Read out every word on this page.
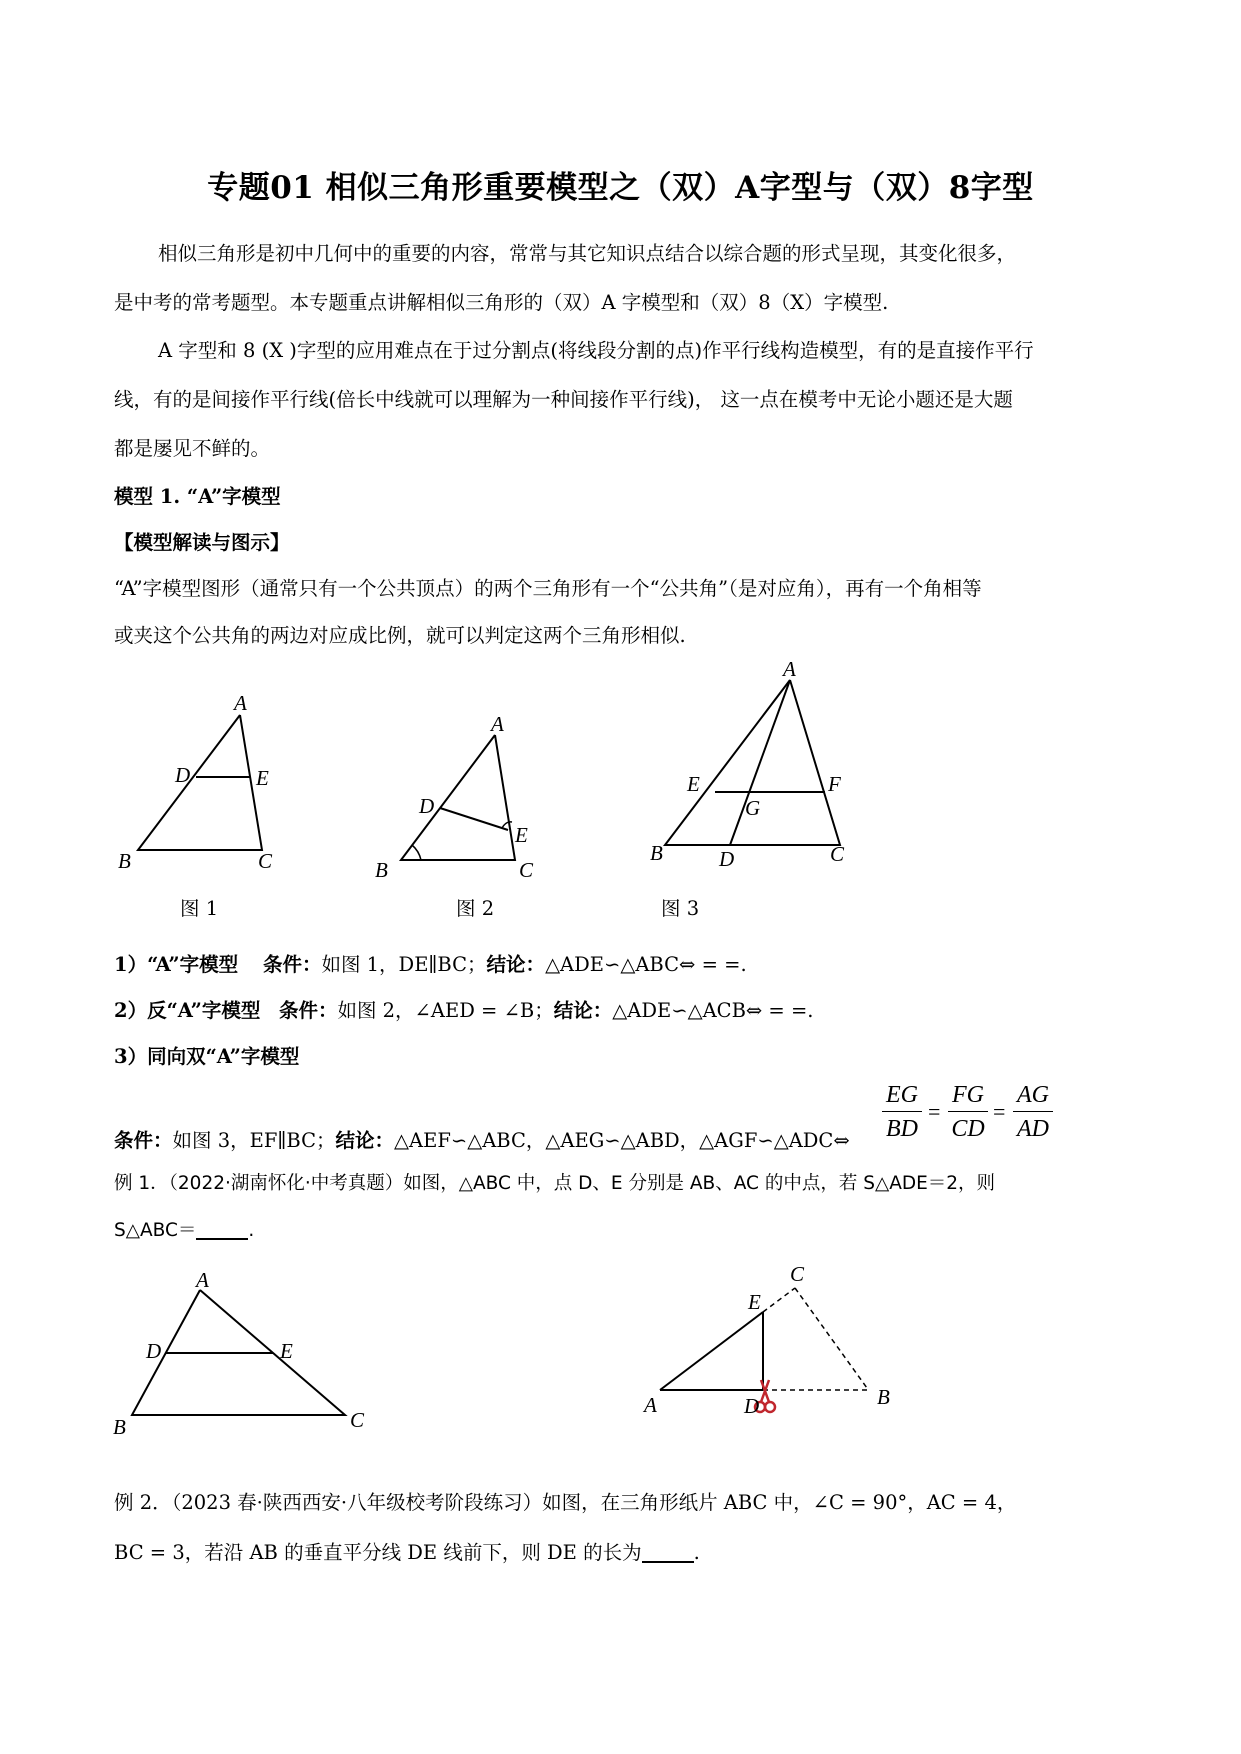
专题01 相似三角形重要模型之（双）A字型与（双）8字型
相似三角形是初中几何中的重要的内容，常常与其它知识点结合以综合题的形式呈现，其变化很多，
是中考的常考题型。本专题重点讲解相似三角形的（双）A 字模型和（双）8（X）字模型.
A 字型和 8 (X )字型的应用难点在于过分割点(将线段分割的点)作平行线构造模型，有的是直接作平行
线，有的是间接作平行线(倍长中线就可以理解为一种间接作平行线)， 这一点在模考中无论小题还是大题
都是屡见不鲜的。
模型 1. “A”字模型
【模型解读与图示】
“A”字模型图形（通常只有一个公共顶点）的两个三角形有一个“公共角”（是对应角），再有一个角相等
或夹这个公共角的两边对应成比例，就可以判定这两个三角形相似.
A
D	E
B	C
图 1
A
D
E
B	C
图 2
A
E	F
G
B	D	C
图 3
1）“A”字模型 条件：如图 1，DE∥BC；结论：△ADE∽△ABC⇔ = =.
2）反“A”字模型 条件：如图 2，∠AED = ∠B；结论：△ADE∽△ACB⇔ = =.
3）同向双“A”字模型
条件：如图 3，EF∥BC；结论：△AEF∽△ABC，△AEG∽△ABD，△AGF∽△ADC⇔ $\frac{EG}{BD} = \frac{FG}{CD} = \frac{AG}{AD}$
例 1．（2022·湖南怀化·中考真题）如图，△ABC 中，点 D、E 分别是 AB、AC 的中点，若 S△ADE＝2，则
S△ABC＝	.
A
D	E
B	C
C
E
A	D	B
例 2．（2023 春·陕西西安·八年级校考阶段练习）如图，在三角形纸片 ABC 中，∠C = 90°，AC = 4，
BC = 3，若沿 AB 的垂直平分线 DE 线前下，则 DE 的长为	.
